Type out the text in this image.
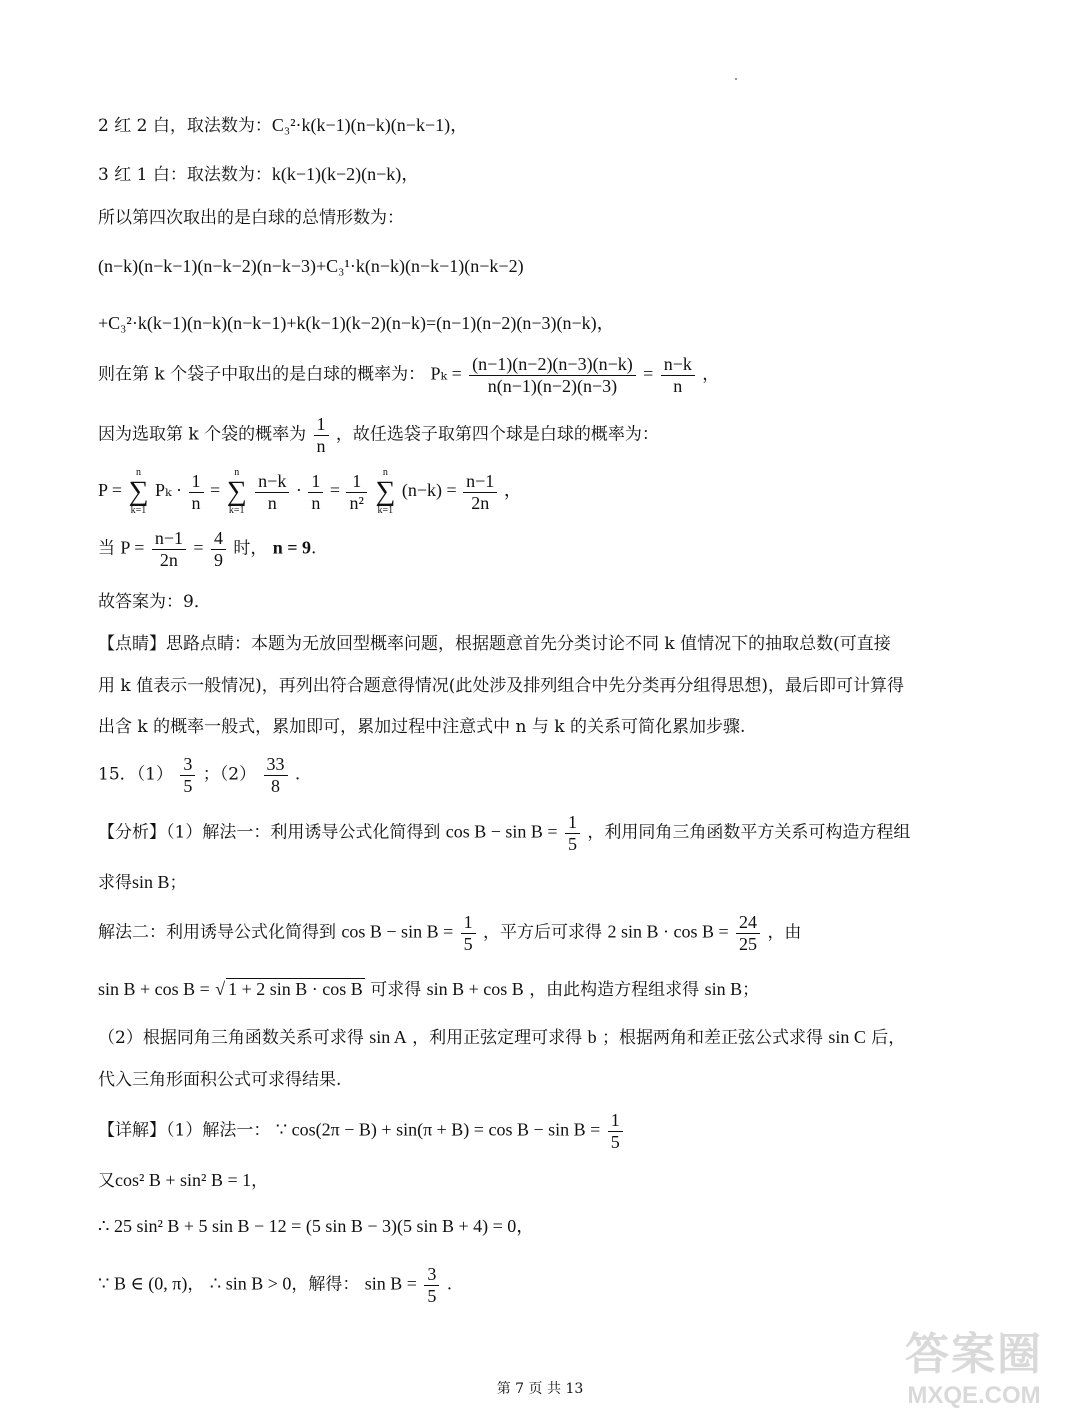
2 红 2 白，取法数为：C₃²·k(k−1)(n−k)(n−k−1)，
3 红 1 白：取法数为：k(k−1)(k−2)(n−k)，
所以第四次取出的是白球的总情形数为：
(n−k)(n−k−1)(n−k−2)(n−k−3)+C₃¹·k(n−k)(n−k−1)(n−k−2)
+C₃²·k(k−1)(n−k)(n−k−1)+k(k−1)(k−2)(n−k)=(n−1)(n−2)(n−3)(n−k)，
则在第 k 个袋子中取出的是白球的概率为： $P_k = \frac{(n-1)(n-2)(n-3)(n-k)}{n(n-1)(n-2)(n-3)} = \frac{n-k}{n}$ ，
因为选取第 k 个袋的概率为 $\frac{1}{n}$ ，故任选袋子取第四个球是白球的概率为：
P =
n
∑
k=1
$P_k \cdot \frac{1}{n}$ =
n
∑
k=1
$\frac{n-k}{n} \cdot \frac{1}{n} = \frac{1}{\text{n²}}$
	n
∑
k=1
$(n-k) = \frac{n-1}{2n}$ ，
当 $P = \frac{n-1}{2n} = \frac{4}{9}$ 时， n = 9.
故答案为：9．
【点睛】思路点睛：本题为无放回型概率问题，根据题意首先分类讨论不同 k 值情况下的抽取总数(可直接
用 k 值表示一般情况)，再列出符合题意得情况(此处涉及排列组合中先分类再分组得思想)，最后即可计算得
出含 k 的概率一般式，累加即可，累加过程中注意式中 n 与 k 的关系可简化累加步骤.
15．$(1) \frac{3}{5}$ ；$(2) \frac{33}{8}$ .
【分析】（1）解法一：利用诱导公式化简得到 $\cos B - \sin B = \frac{1}{5}$ ，利用同角三角函数平方关系可构造方程组
求得sin B；
解法二：利用诱导公式化简得到 $\cos B - \sin B = \frac{1}{5}$ ，平方后可求得 2 $\sin B \cdot \cos B = \frac{24}{25}$ ，由
sin B + cos B = √ 1 + 2 sin B · cos B 可求得 sin B + cos B ，由此构造方程组求得 sin B；
（2）根据同角三角函数关系可求得 sin A ，利用正弦定理可求得 b ；根据两角和差正弦公式求得 sin C 后，
代入三角形面积公式可求得结果.
【详解】（1）解法一： ∵ $\cos(2\pi - B) + \sin(\pi + B) = \cos B - \sin B = \frac{1}{5}$
又cos² B + sin² B = 1，
∴ 25 sin² B + 5 sin B − 12 = (5 sin B − 3)(5 sin B + 4) = 0，
∵ B ∈ (0, π)， ∴ sin B > 0，解得： $\sin B = \frac{3}{5}$ .
第 7 页 共 13
答案圈
MXQE.COM
